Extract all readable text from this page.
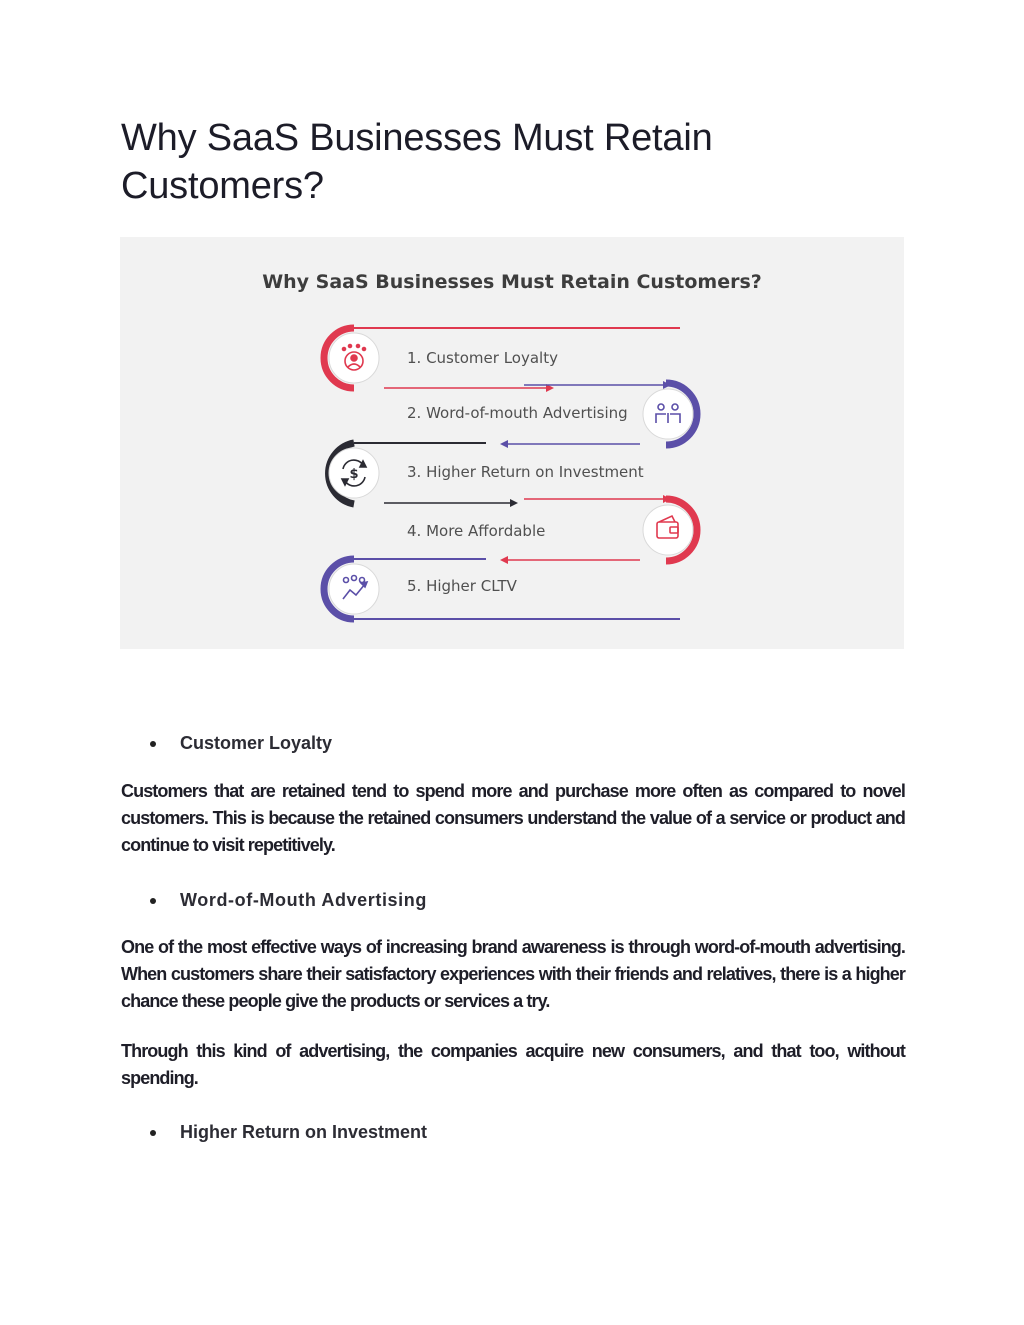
Why SaaS Businesses Must Retain Customers?
Why SaaS Businesses Must Retain Customers?
1. Customer Loyalty
2. Word-of-mouth Advertising
$	3. Higher Return on Investment
4. More Affordable
5. Higher CLTV
Customer Loyalty

Customers that are retained tend to spend more and purchase more often as compared to novel customers. This is because the retained consumers understand the value of a service or product and continue to visit repetitively.

Word-of-Mouth Advertising

One of the most effective ways of increasing brand awareness is through word-of-mouth advertising. When customers share their satisfactory experiences with their friends and relatives, there is a higher chance these people give the products or services a try.

Through this kind of advertising, the companies acquire new consumers, and that too, without spending.

Higher Return on Investment
